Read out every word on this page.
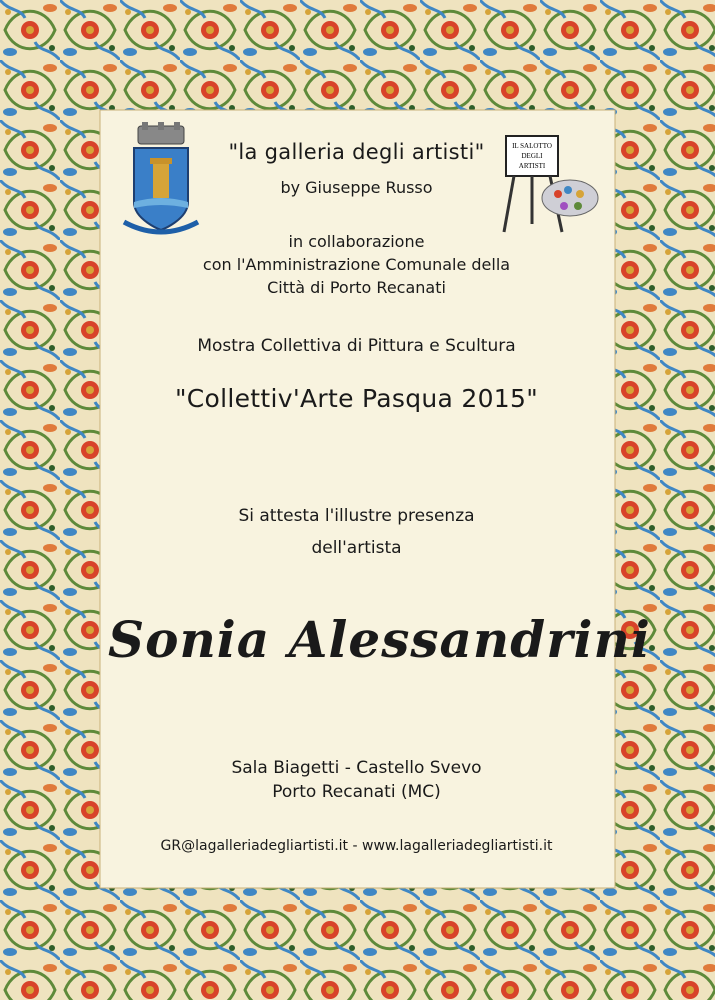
IL SALOTTO
DEGLI
ARTISTI
"la galleria degli artisti"
by Giuseppe Russo
in collaborazione
con l'Amministrazione Comunale della
Città di Porto Recanati
Mostra Collettiva di Pittura e Scultura
"Collettiv'Arte Pasqua 2015"
Si attesta l'illustre presenza
dell'artista
Sonia Alessandrini
Sala Biagetti - Castello Svevo
Porto Recanati (MC)
GR@lagalleriadegliartisti.it - www.lagalleriadegliartisti.it
